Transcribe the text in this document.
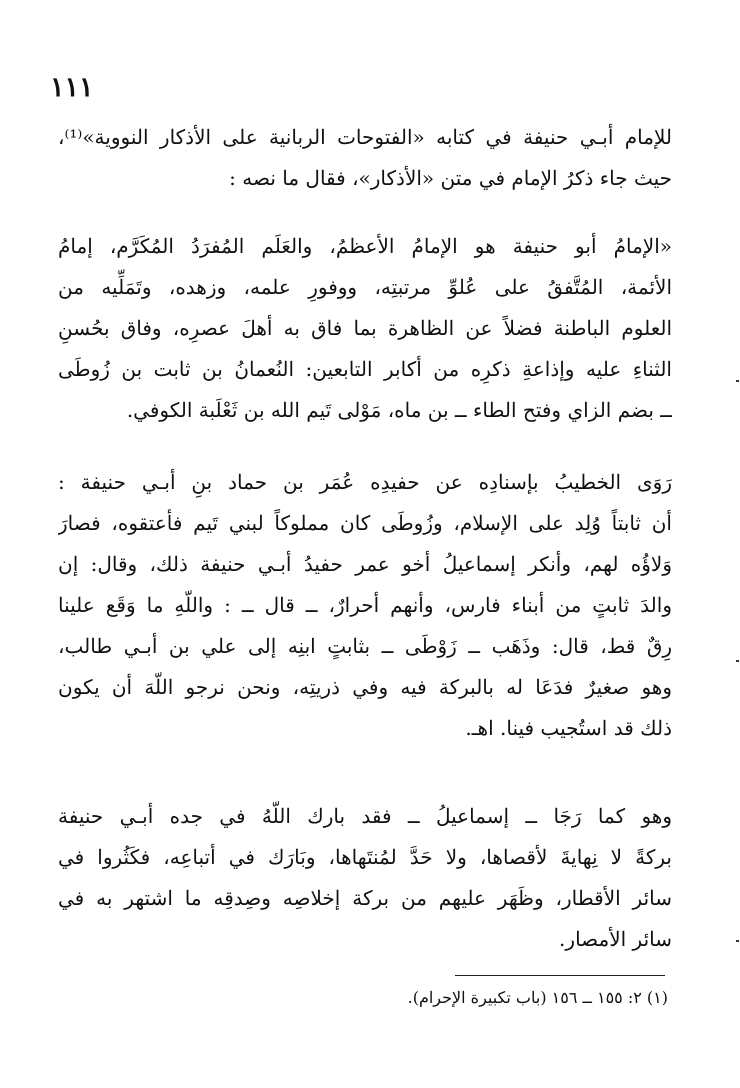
١١١
للإمام أبـي حنيفة في كتابه «الفتوحات الربانية على الأذكار النووية»⁽¹⁾،
حيث جاء ذكرُ الإمام في متن «الأذكار»، فقال ما نصه :
«الإمامُ أبو حنيفة هو الإمامُ الأعظمُ، والعَلَم المُفرَدُ المُكَرَّم، إمامُ
الأئمة، المُتَّفقُ على عُلوِّ مرتبتِه، ووفورِ علمه، وزهده، وتَمَلِّيه من
العلوم الباطنة فضلاً عن الظاهرة بما فاق به أهلَ عصرِه، وفاق بحُسنِ
الثناءِ عليه وإذاعةِ ذكرِه من أكابر التابعين: النُعمانُ بن ثابت بن زُوطَى
ــ بضم الزاي وفتح الطاء ــ بن ماه، مَوْلى تَيم الله بن ثَعْلَبة الكوفي.
رَوَى الخطيبُ بإسنادِه عن حفيدِه عُمَر بن حماد بنِ أبـي حنيفة :
أن ثابتاً وُلِد على الإسلام، وزُوطَى كان مملوكاً لبني تَيم فأعتقوه، فصارَ
وَلاؤُه لهم، وأنكر إسماعيلُ أخو عمر حفيدُ أبـي حنيفة ذلك، وقال: إن
والدَ ثابتٍ من أبناء فارس، وأنهم أحرارٌ، ــ قال ــ : واللّهِ ما وَقَع علينا
رِقٌ قط، قال: وذَهَب ــ زَوْطَى ــ بثابتٍ ابنِه إلى علي بن أبـي طالب،
وهو صغيرٌ فدَعَا له بالبركة فيه وفي ذريتِه، ونحن نرجو اللّهَ أن يكون
ذلك قد استُجيب فينا. اهـ.
وهو كما رَجَا ــ إسماعيلُ ــ فقد بارك اللّهُ في جده أبـي حنيفة
بركةً لا نِهايةَ لأقصاها، ولا حَدَّ لمُنتَهاها، وبَارَك في أتباعِه، فكَثُروا في
سائر الأقطار، وظَهَر عليهم من بركة إخلاصِه وصِدقِه ما اشتهر به في
سائر الأمصار.
(١) ٢: ١٥٥ ــ ١٥٦ (باب تكبيرة الإحرام).
